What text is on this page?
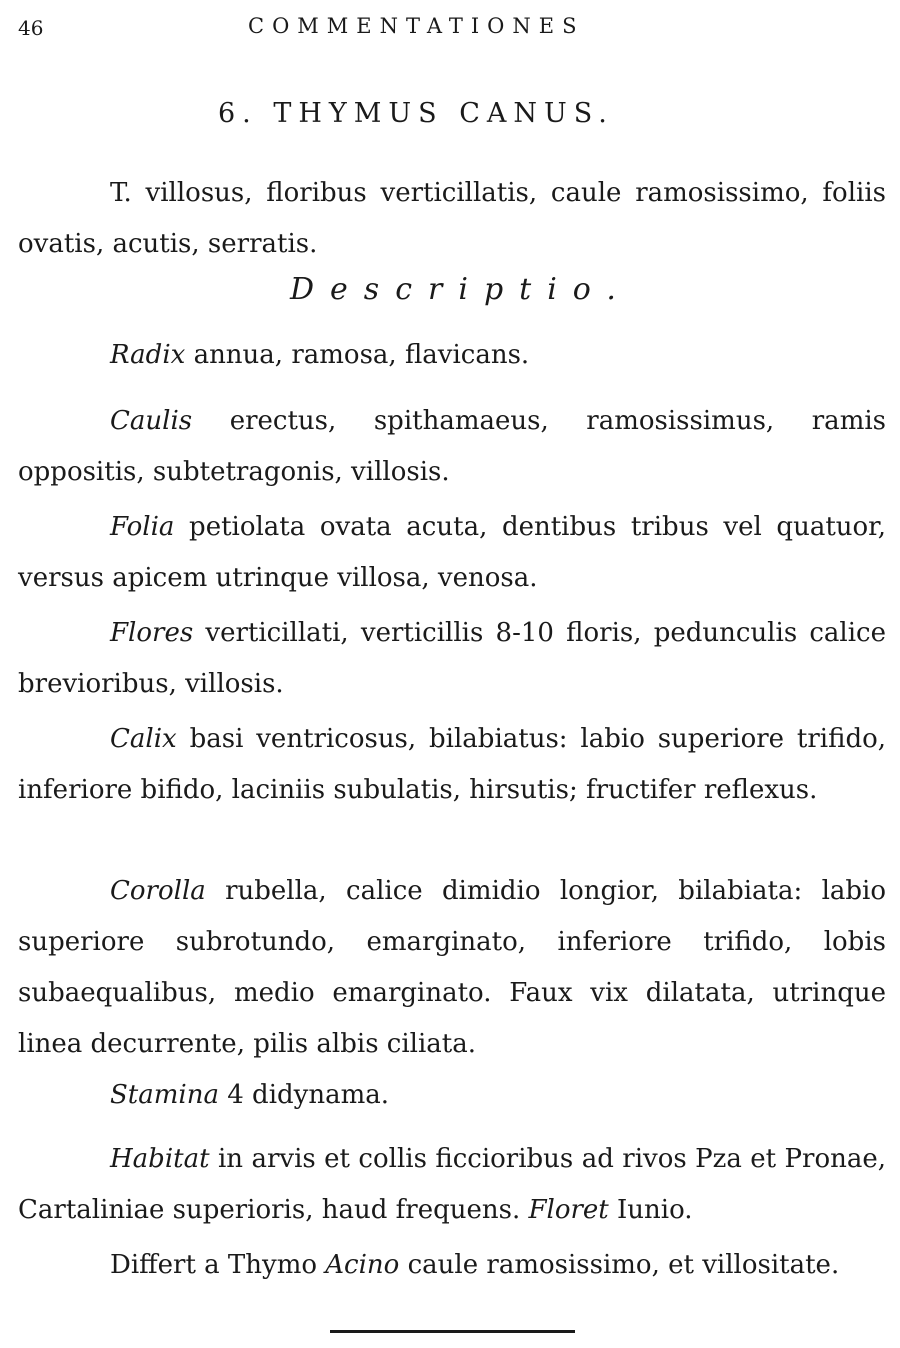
46	COMMENTATIONES
6. THYMUS CANUS.
T. villosus, floribus verticillatis, caule ramosissimo, foliis ovatis, acutis, serratis.
Descriptio.
Radix annua, ramosa, flavicans.
Caulis erectus, spithamaeus, ramosissimus, ramis oppositis, subtetragonis, villosis.
Folia petiolata ovata acuta, dentibus tribus vel quatuor, versus apicem utrinque villosa, venosa.
Flores verticillati, verticillis 8-10 floris, pedunculis calice brevioribus, villosis.
Calix basi ventricosus, bilabiatus: labio superiore trifido, inferiore bifido, laciniis subulatis, hirsutis; fructifer reflexus.
Corolla rubella, calice dimidio longior, bilabiata: labio superiore subrotundo, emarginato, inferiore trifido, lobis subaequalibus, medio emarginato. Faux vix dilatata, utrinque linea decurrente, pilis albis ciliata.
Stamina 4 didynama.
Habitat in arvis et collis ficcioribus ad rivos Pza et Pronae, Cartaliniae superioris, haud frequens. Floret Iunio.
Differt a Thymo Acino caule ramosissimo, et villositate.
